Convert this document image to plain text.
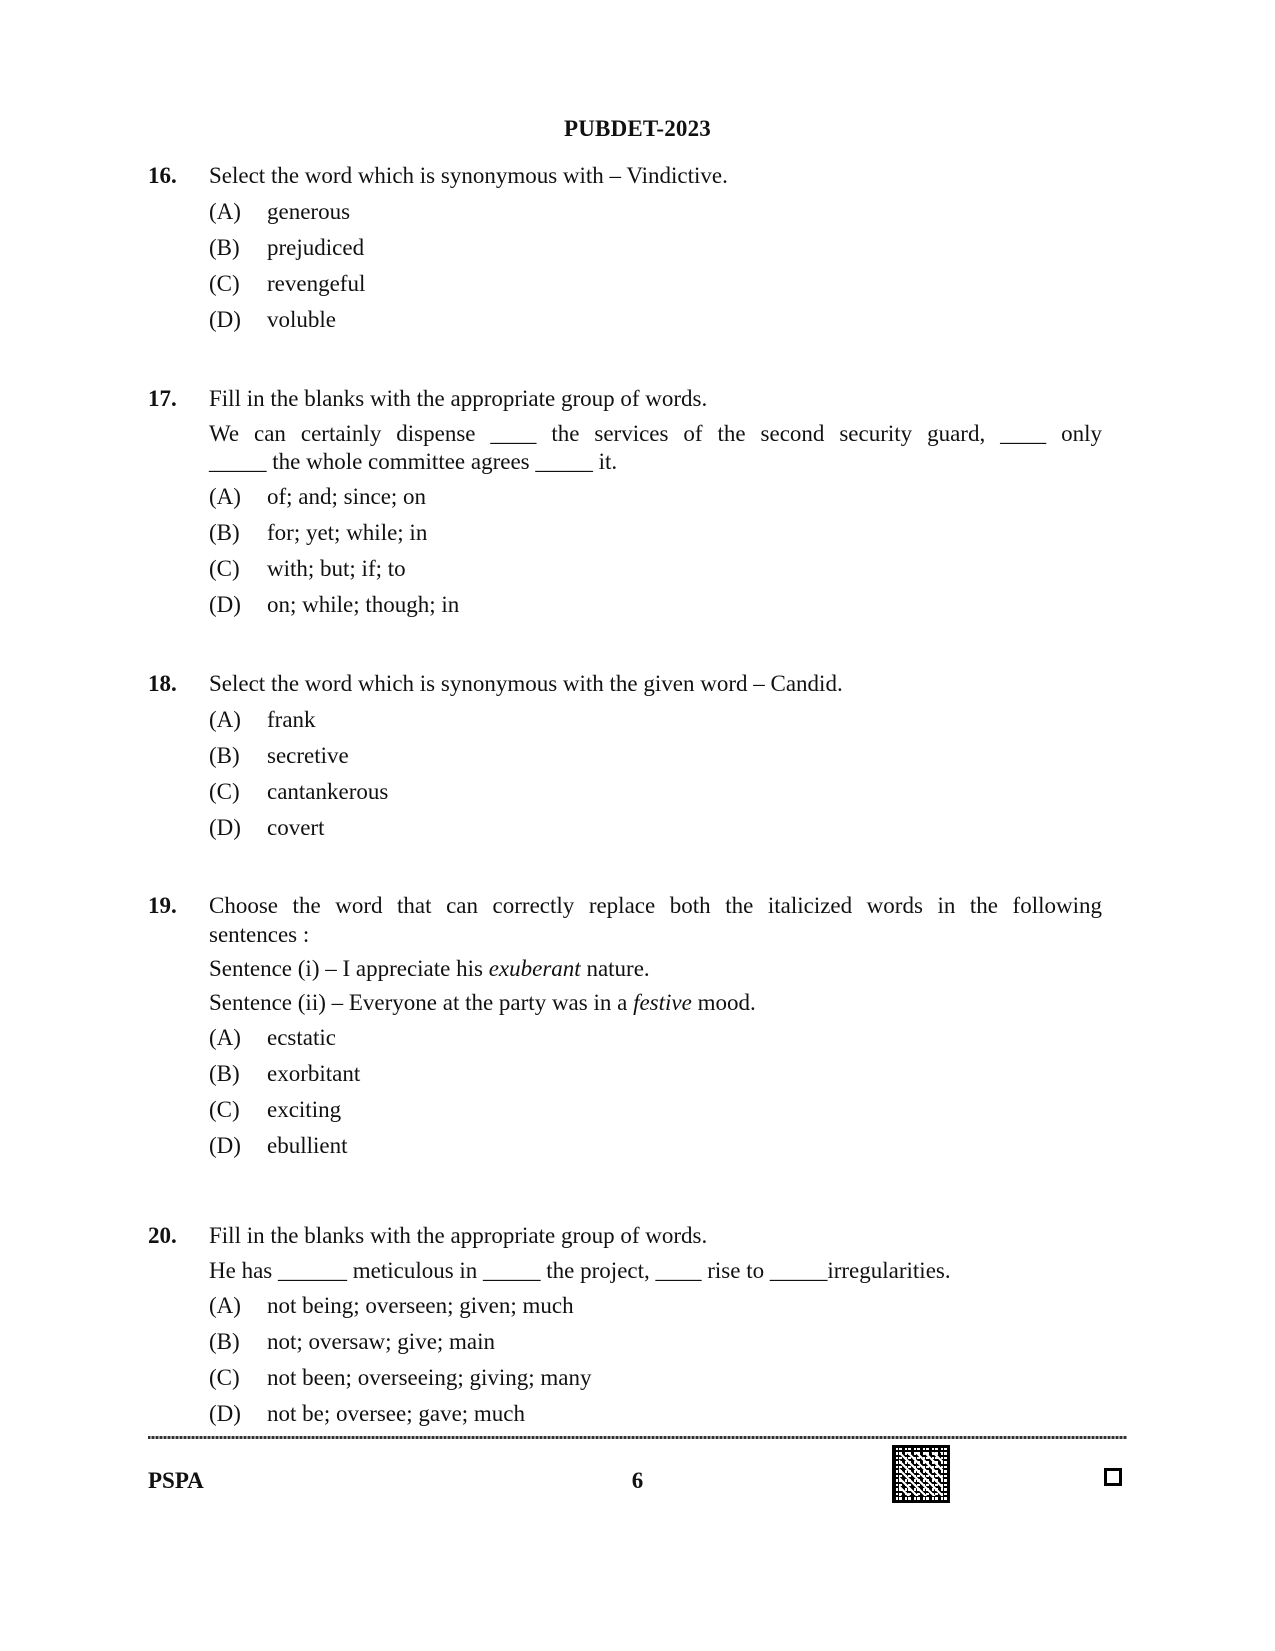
PUBDET-2023
16.	Select the word which is synonymous with – Vindictive.
(A)	generous
(B)	prejudiced
(C)	revengeful
(D)	voluble
17.	Fill in the blanks with the appropriate group of words.
We can certainly dispense ____ the services of the second security guard, ____ only
_____ the whole committee agrees _____ it.
(A)	of; and; since; on
(B)	for; yet; while; in
(C)	with; but; if; to
(D)	on; while; though; in
18.	Select the word which is synonymous with the given word – Candid.
(A)	frank
(B)	secretive
(C)	cantankerous
(D)	covert
19.	Choose the word that can correctly replace both the italicized words in the following
sentences :
Sentence (i) – I appreciate his exuberant nature.
Sentence (ii) – Everyone at the party was in a festive mood.
(A)	ecstatic
(B)	exorbitant
(C)	exciting
(D)	ebullient
20.	Fill in the blanks with the appropriate group of words.
He has ______ meticulous in _____ the project, ____ rise to _____irregularities.
(A)	not being; overseen; given; much
(B)	not; oversaw; give; main
(C)	not been; overseeing; giving; many
(D)	not be; oversee; gave; much
PSPA	6
